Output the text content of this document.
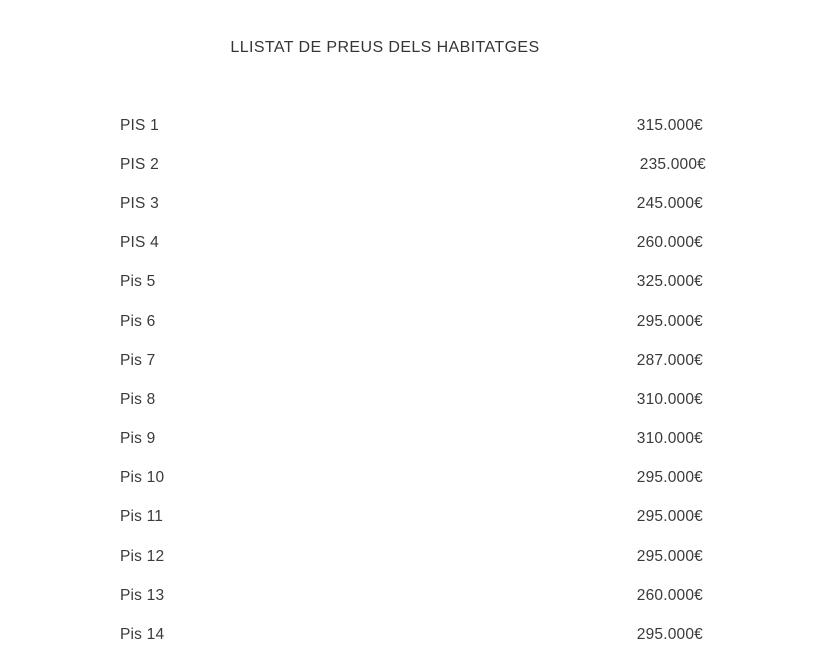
LLISTAT DE PREUS DELS HABITATGES
PIS 1	315.000€
PIS 2	235.000€
PIS 3	245.000€
PIS 4	260.000€
Pis 5	325.000€
Pis 6	295.000€
Pis 7	287.000€
Pis 8	310.000€
Pis 9	310.000€
Pis 10	295.000€
Pis 11	295.000€
Pis 12	295.000€
Pis 13	260.000€
Pis 14	295.000€
